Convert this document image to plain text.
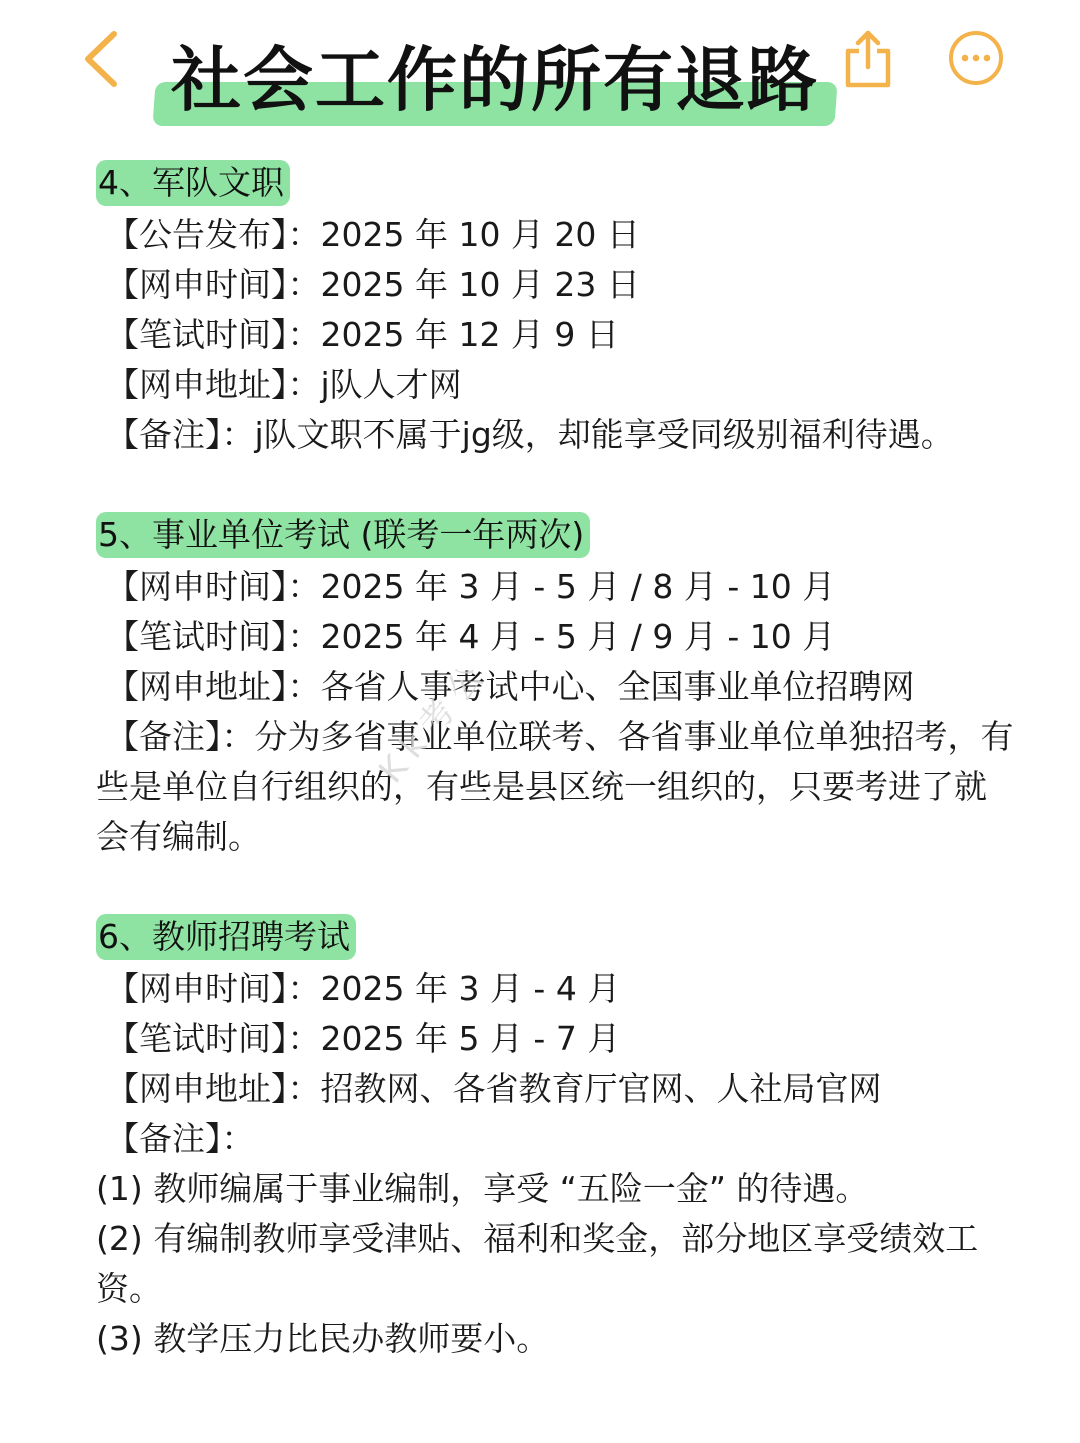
社会工作的所有退路
4、军队文职
【公告发布】：2025 年 10 月 20 日
【网申时间】：2025 年 10 月 23 日
【笔试时间】：2025 年 12 月 9 日
【网申地址】：j队人才网
【备注】：j队文职不属于jg级，却能享受同级别福利待遇。
5、事业单位考试 (联考一年两次)
【网申时间】：2025 年 3 月 - 5 月 / 8 月 - 10 月
【笔试时间】：2025 年 4 月 - 5 月 / 9 月 - 10 月
【网申地址】：各省人事考试中心、全国事业单位招聘网
【备注】：分为多省事业单位联考、各省事业单位单独招考，有些是单位自行组织的，有些是县区统一组织的，只要考进了就会有编制。
6、教师招聘考试
【网申时间】：2025 年 3 月 - 4 月
【笔试时间】：2025 年 5 月 - 7 月
【网申地址】：招教网、各省教育厅官网、人社局官网
【备注】：
(1) 教师编属于事业编制，享受 “五险一金” 的待遇。
(2) 有编制教师享受津贴、福利和奖金，部分地区享受绩效工资。
(3) 教学压力比民办教师要小。
Kk考公
